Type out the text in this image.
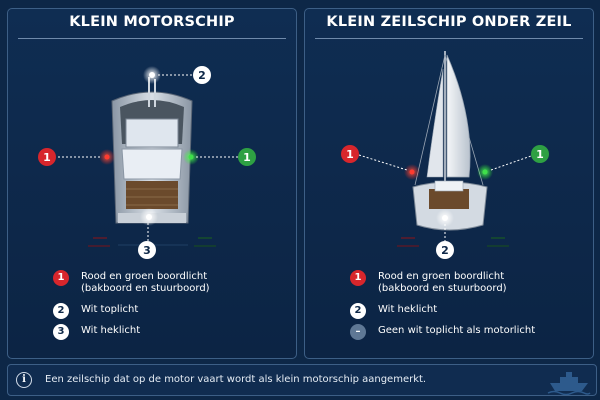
KLEIN MOTORSCHIP
2
1	1
3
1	Rood en groen boordlicht
(bakboord en stuurboord)
2	Wit toplicht
3	Wit heklicht
KLEIN ZEILSCHIP ONDER ZEIL
1	1
2
1	Rood en groen boordlicht
(bakboord en stuurboord)
2	Wit heklicht
–	Geen wit toplicht als motorlicht
i	Een zeilschip dat op de motor vaart wordt als klein motorschip aangemerkt.
